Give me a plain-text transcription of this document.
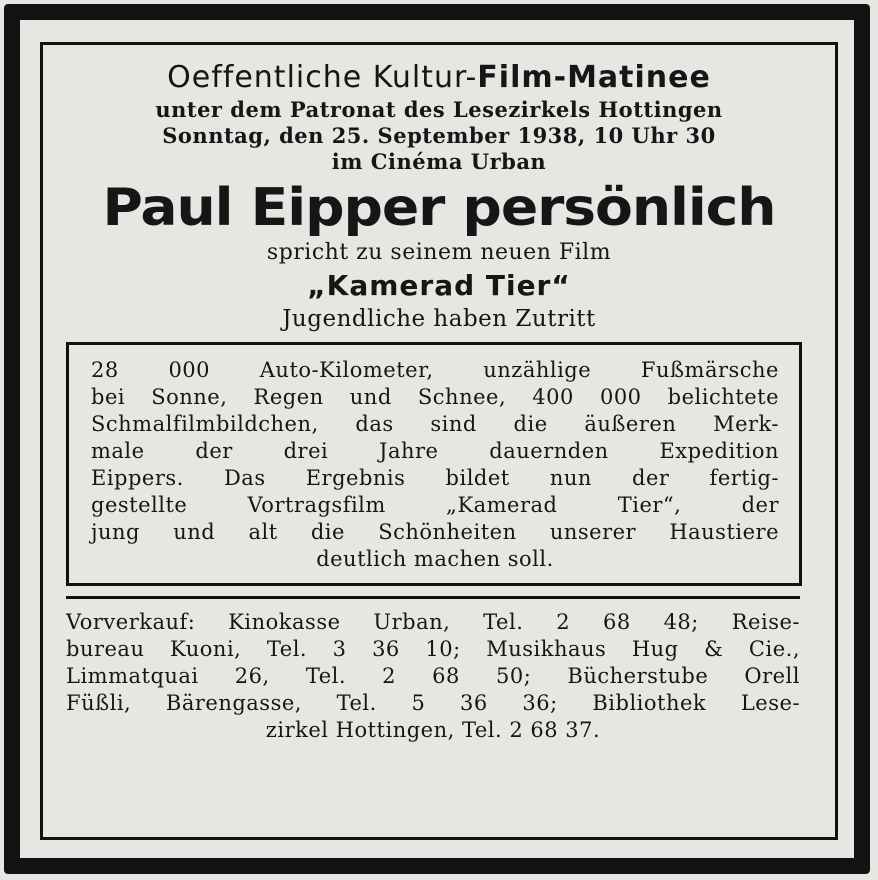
Oeffentliche Kultur-Film-Matinee
unter dem Patronat des Lesezirkels Hottingen
Sonntag, den 25. September 1938, 10 Uhr 30
im Cinéma Urban
Paul Eipper persönlich
spricht zu seinem neuen Film
„Kamerad Tier“
Jugendliche haben Zutritt
28 000 Auto-Kilometer, unzählige Fußmärsche
bei Sonne, Regen und Schnee, 400 000 belichtete
Schmalfilmbildchen, das sind die äußeren Merk-
male der drei Jahre dauernden Expedition
Eippers. Das Ergebnis bildet nun der fertig-
gestellte Vortragsfilm „Kamerad Tier“, der
jung und alt die Schönheiten unserer Haustiere
deutlich machen soll.
Vorverkauf: Kinokasse Urban, Tel. 2 68 48; Reise-
bureau Kuoni, Tel. 3 36 10; Musikhaus Hug & Cie.,
Limmatquai 26, Tel. 2 68 50; Bücherstube Orell
Füßli, Bärengasse, Tel. 5 36 36; Bibliothek Lese-
zirkel Hottingen, Tel. 2 68 37.
